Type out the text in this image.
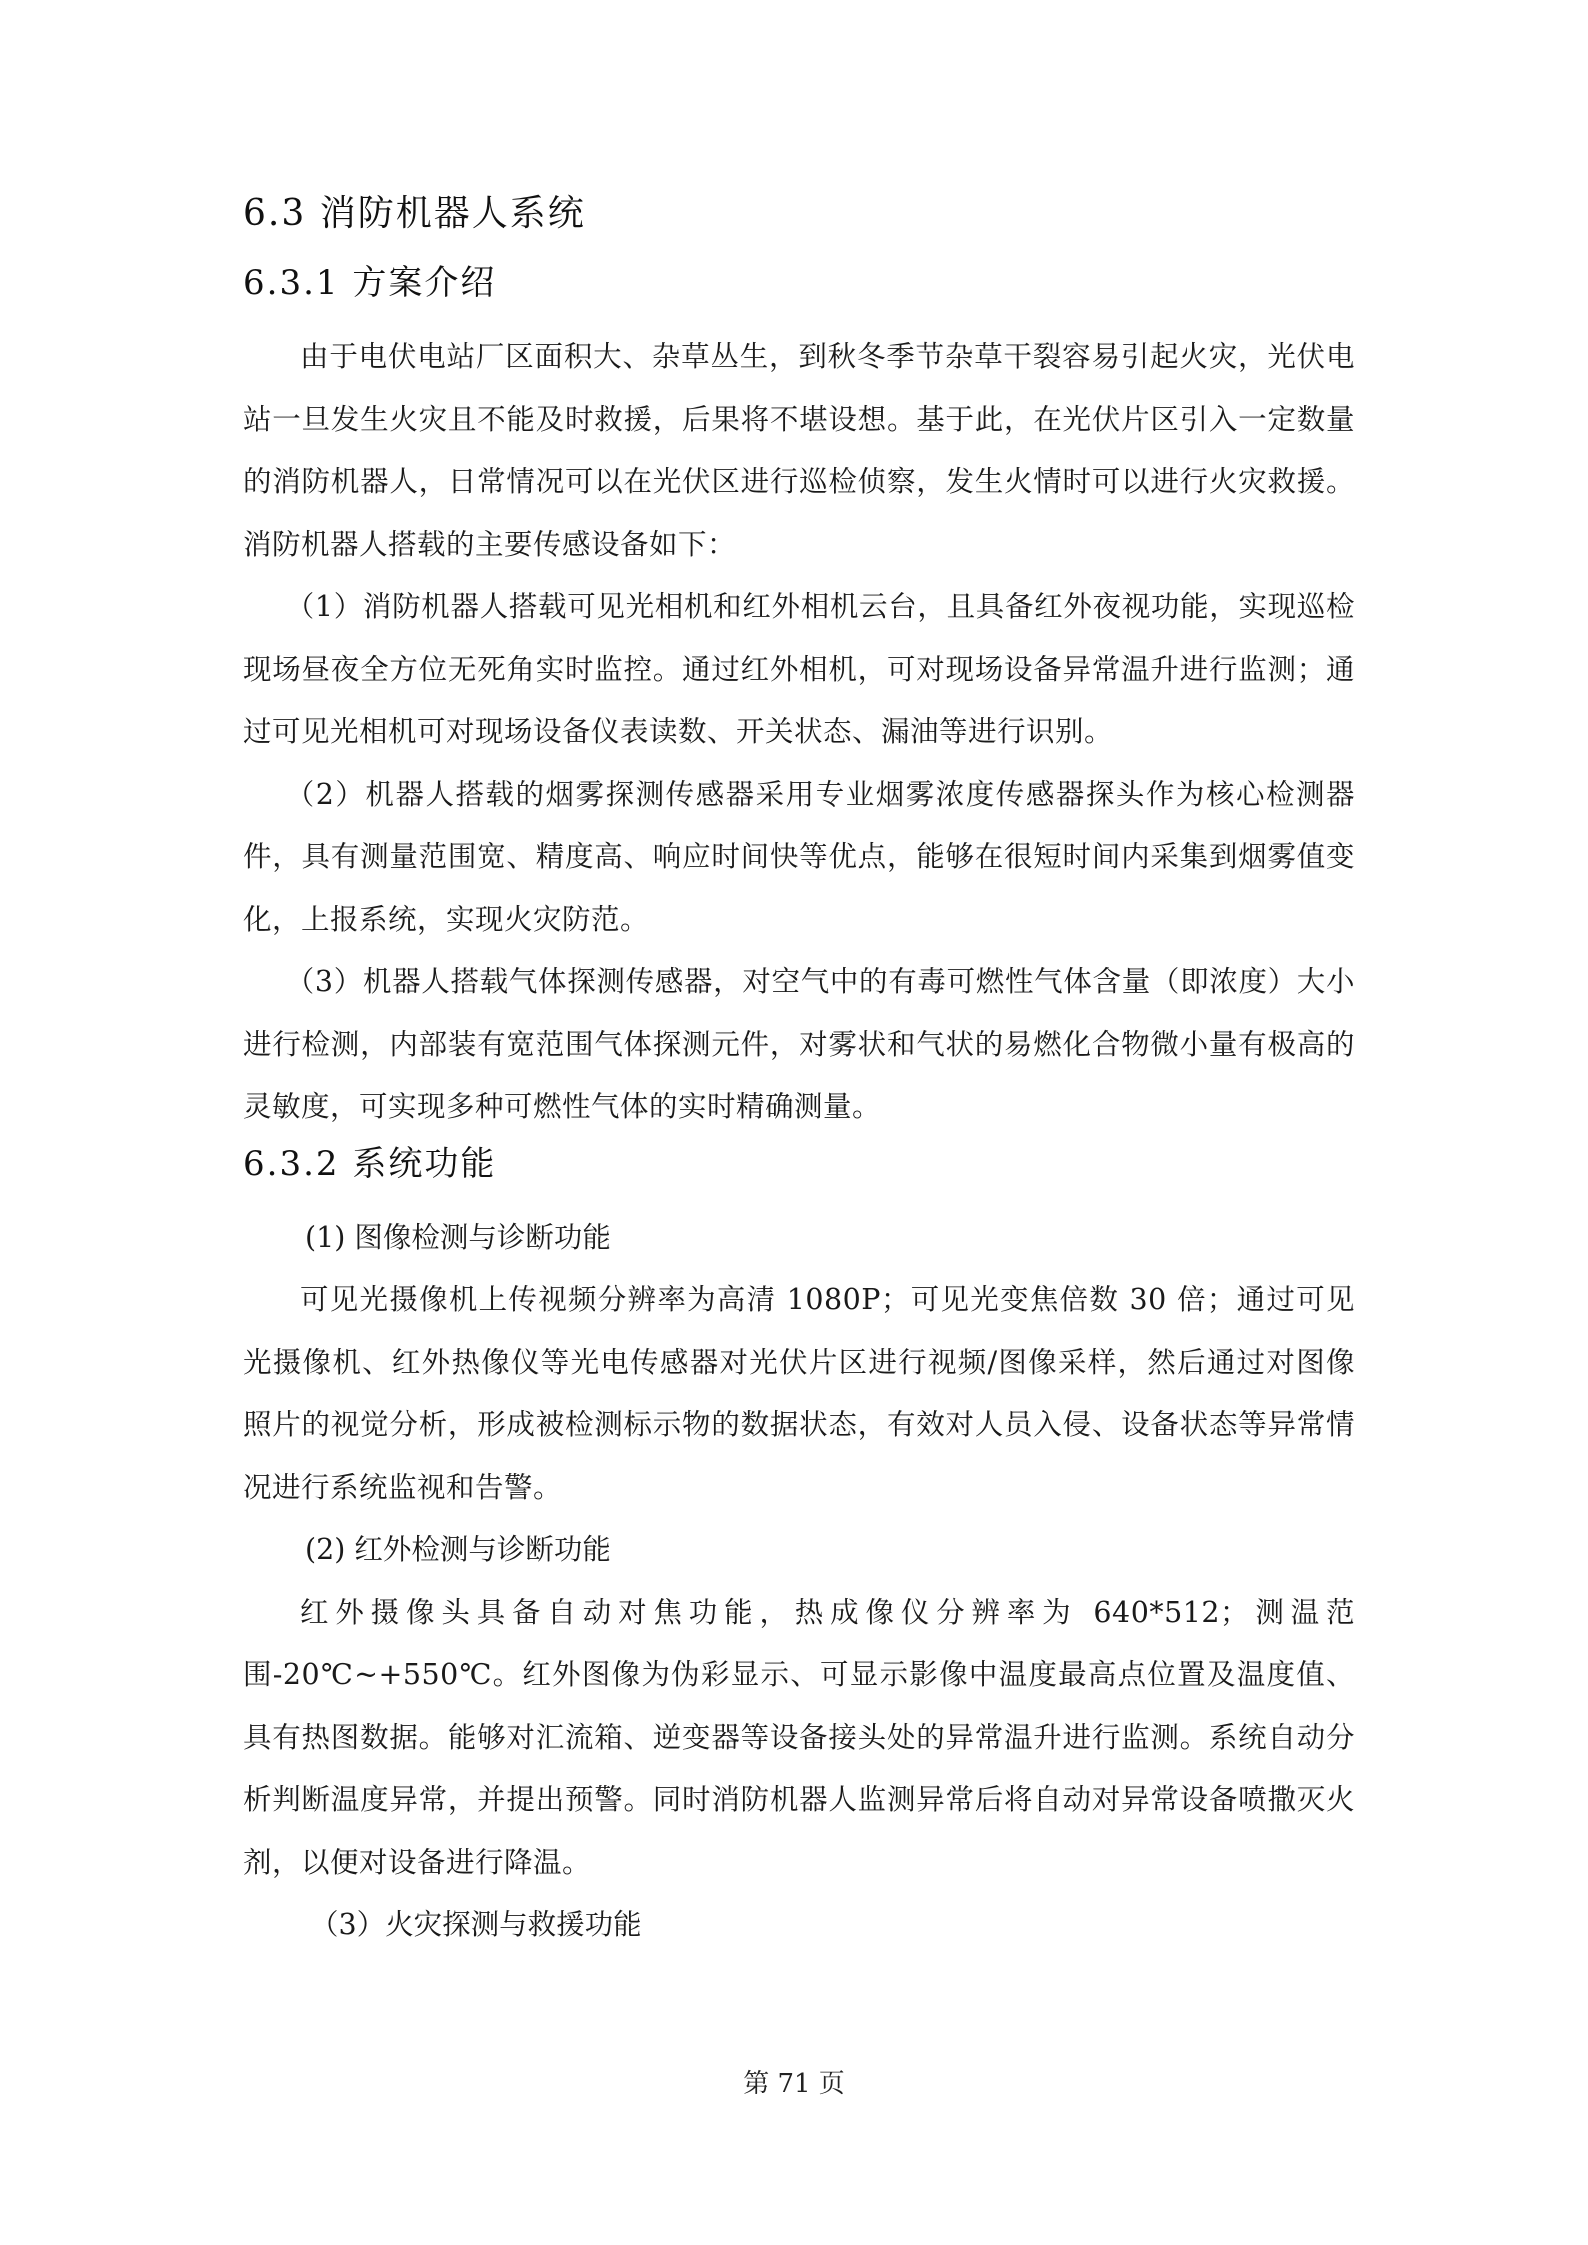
6.3 消防机器人系统
6.3.1 方案介绍

由于电伏电站厂区面积大、杂草丛生，到秋冬季节杂草干裂容易引起火灾，光伏电站一旦发生火灾且不能及时救援，后果将不堪设想。基于此，在光伏片区引入一定数量的消防机器人，日常情况可以在光伏区进行巡检侦察，发生火情时可以进行火灾救援。消防机器人搭载的主要传感设备如下：

（1）消防机器人搭载可见光相机和红外相机云台，且具备红外夜视功能，实现巡检现场昼夜全方位无死角实时监控。通过红外相机，可对现场设备异常温升进行监测；通过可见光相机可对现场设备仪表读数、开关状态、漏油等进行识别。

（2）机器人搭载的烟雾探测传感器采用专业烟雾浓度传感器探头作为核心检测器件，具有测量范围宽、精度高、响应时间快等优点，能够在很短时间内采集到烟雾值变化，上报系统，实现火灾防范。

（3）机器人搭载气体探测传感器，对空气中的有毒可燃性气体含量（即浓度）大小进行检测，内部装有宽范围气体探测元件，对雾状和气状的易燃化合物微小量有极高的灵敏度，可实现多种可燃性气体的实时精确测量。

6.3.2 系统功能

(1) 图像检测与诊断功能

可见光摄像机上传视频分辨率为高清 1080P；可见光变焦倍数 30 倍；通过可见光摄像机、红外热像仪等光电传感器对光伏片区进行视频/图像采样，然后通过对图像照片的视觉分析，形成被检测标示物的数据状态，有效对人员入侵、设备状态等异常情况进行系统监视和告警。

(2) 红外检测与诊断功能

红外摄像头具备自动对焦功能，热成像仪分辨率为 640*512；测温范围-20℃~+550℃。红外图像为伪彩显示、可显示影像中温度最高点位置及温度值、具有热图数据。能够对汇流箱、逆变器等设备接头处的异常温升进行监测。系统自动分析判断温度异常，并提出预警。同时消防机器人监测异常后将自动对异常设备喷撒灭火剂，以便对设备进行降温。

（3）火灾探测与救援功能

第 71 页
